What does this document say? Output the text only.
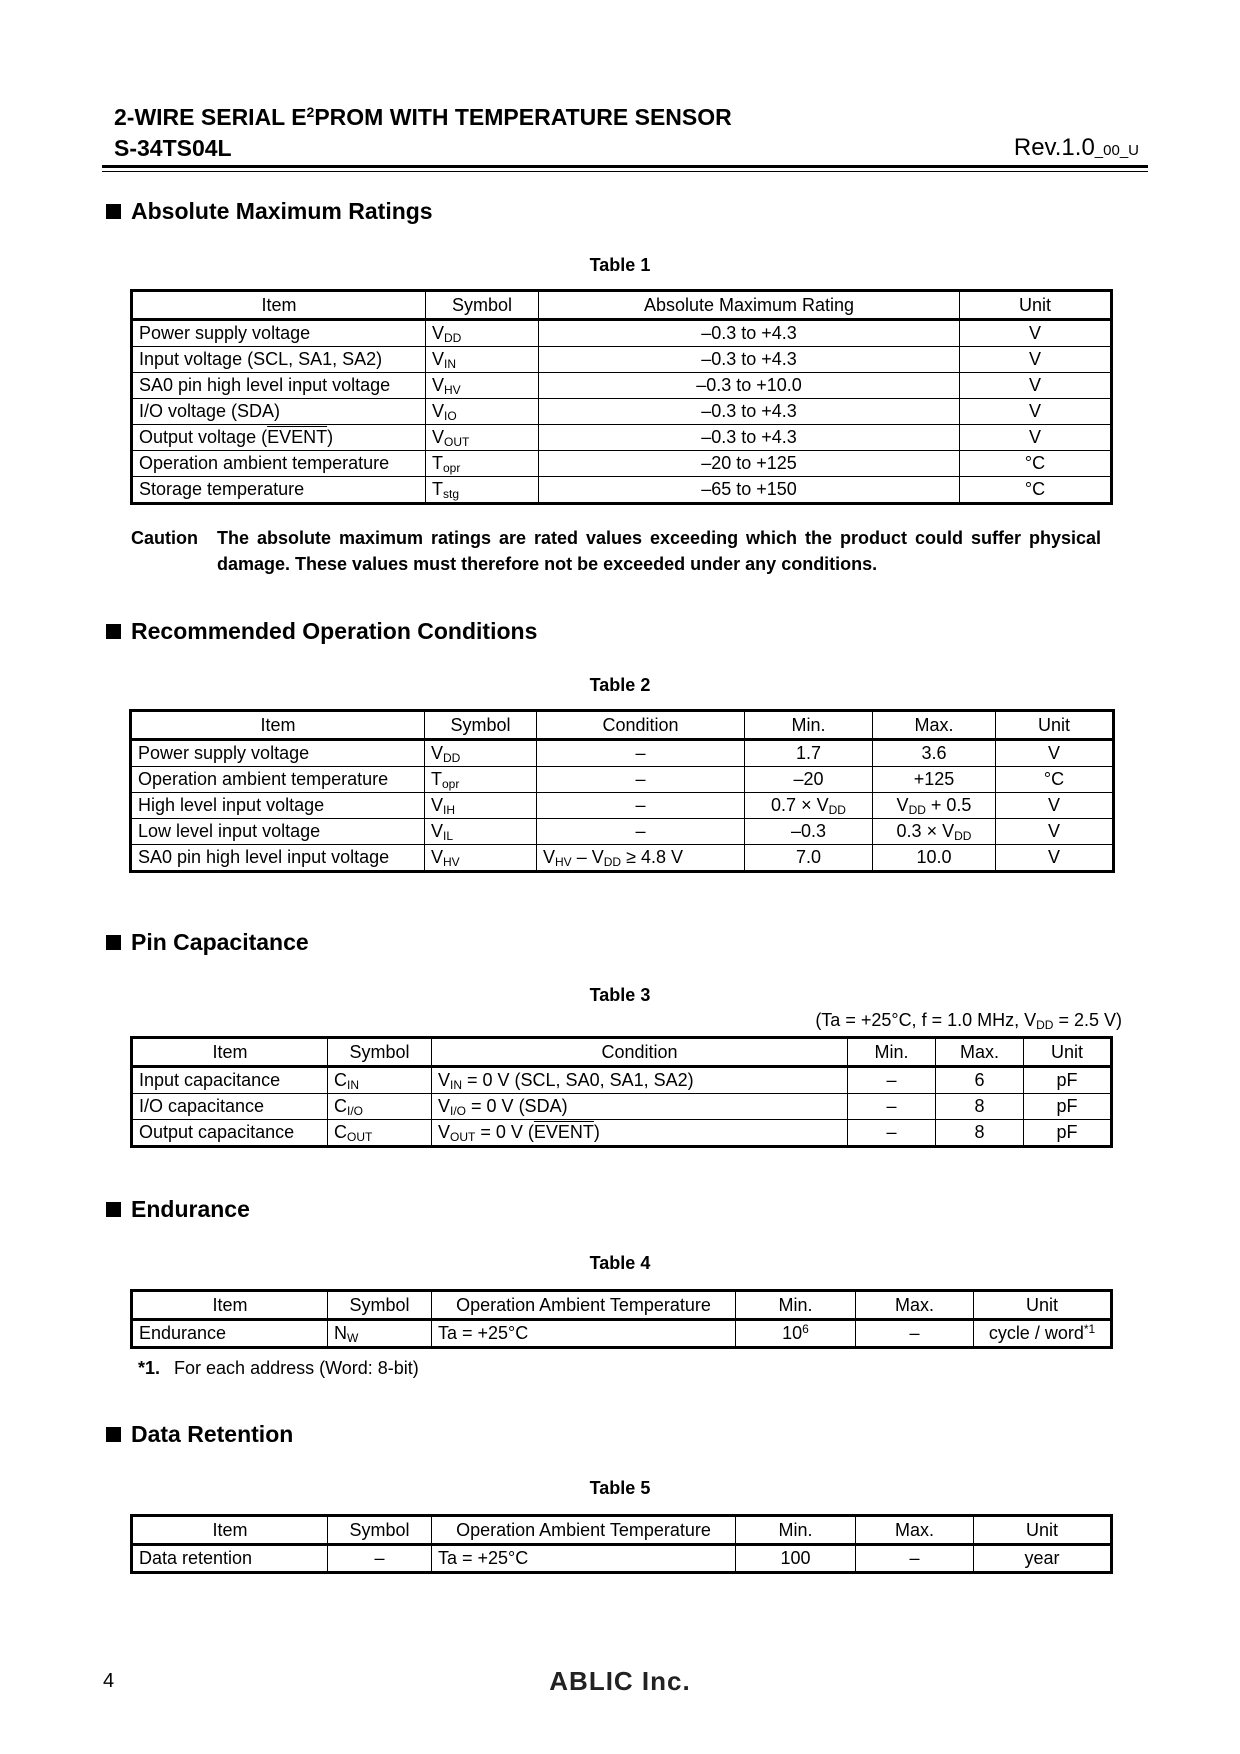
2-WIRE SERIAL $E^2PROM$ WITH TEMPERATURE SENSOR
S-34TS04L	Rev.1.0_00_U
Absolute Maximum Ratings
Table 1
Item	Symbol	Absolute Maximum Rating	Unit
Power supply voltage	$V_{DD}$	–0.3 to +4.3	V
Input voltage (SCL, SA1, SA2)	$V_{IN}$	–0.3 to +4.3	V
SA0 pin high level input voltage	$V_{HV}$	–0.3 to +10.0	V
I/O voltage (SDA)	$V_{IO}$	–0.3 to +4.3	V
Output voltage (EVENT)	$V_{OUT}$	–0.3 to +4.3	V
Operation ambient temperature	$T_{opr}$	–20 to +125	°C
Storage temperature	$T_{stg}$	–65 to +150	°C
Caution The absolute maximum ratings are rated values exceeding which the product could suffer physical damage. These values must therefore not be exceeded under any conditions.
Recommended Operation Conditions
Table 2
Item	Symbol	Condition	Min.	Max.	Unit
Power supply voltage	$V_{DD}$	–	1.7	3.6	V
Operation ambient temperature	$T_{opr}$	–	–20	+125	°C
High level input voltage	$V_{IH}$	–	$0.7 \times V_{DD}$	$V_{DD} + 0.5$	V
Low level input voltage	$V_{IL}$	–	–0.3	$0.3 \times V_{DD}$	V
SA0 pin high level input voltage	$V_{HV}$	$V_{HV} - V_{DD} \ge 4.8$ V	7.0	10.0	V
Pin Capacitance
Table 3
(Ta = +25°C, f = 1.0 MHz, $V_{DD} = 2.5$ V)
Item	Symbol	Condition	Min.	Max.	Unit
Input capacitance	$C_{IN}$	$V_{IN} = 0$ V (SCL, SA0, SA1, SA2)	–	6	pF
I/O capacitance	$C_{I/O}$	$V_{I/O} = 0$ V (SDA)	–	8	pF
Output capacitance	$C_{OUT}$	$V_{OUT} = 0$ V (EVENT)	–	8	pF
Endurance
Table 4
Item	Symbol	Operation Ambient Temperature	Min.	Max.	Unit
Endurance	$N_W$	Ta = +25°C	$10^6$	–	cycle / word$^{*1}$
*1. For each address (Word: 8-bit)
Data Retention
Table 5
Item	Symbol	Operation Ambient Temperature	Min.	Max.	Unit
Data retention	–	Ta = +25°C	100	–	year
4	ABLIC Inc.
